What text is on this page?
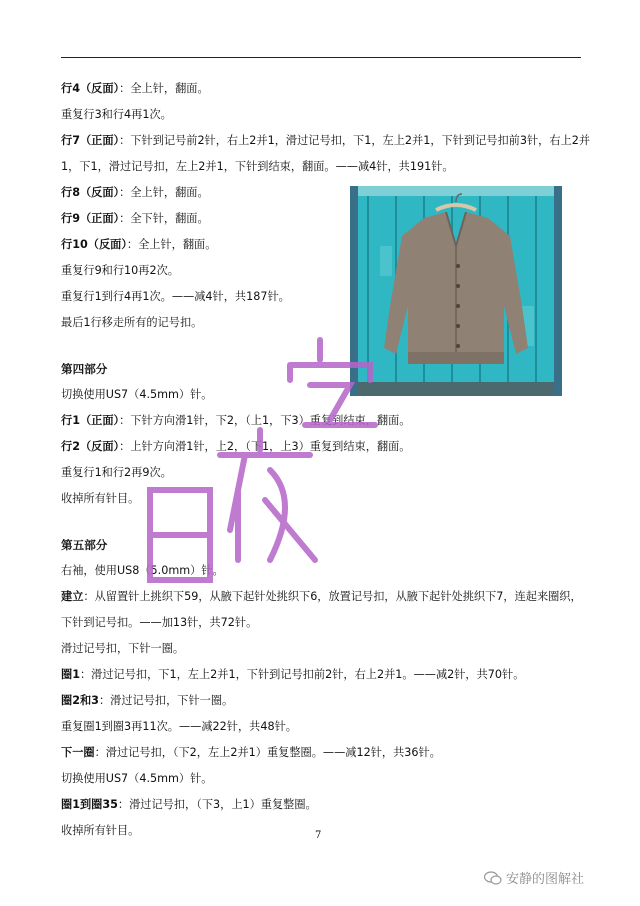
行4（反面）：全上针，翻面。
重复行3和行4再1次。
行7（正面）：下针到记号前2针，右上2并1，滑过记号扣，下1，左上2并1，下针到记号扣前3针，右上2并
1，下1，滑过记号扣，左上2并1，下针到结束，翻面。——减4针，共191针。
行8（反面）：全上针，翻面。
行9（正面）：全下针，翻面。
行10（反面）：全上针，翻面。
重复行9和行10再2次。
重复行1到行4再1次。——减4针，共187针。
最后1行移走所有的记号扣。
第四部分
切换使用US7（4.5mm）针。
行1（正面）：下针方向滑1针，下2，（上1，下3）重复到结束，翻面。
行2（反面）：上针方向滑1针，上2，（下1，上3）重复到结束，翻面。
重复行1和行2再9次。
收掉所有针目。
第五部分
右袖，使用US8（5.0mm）针。
建立：从留置针上挑织下59，从腋下起针处挑织下6，放置记号扣，从腋下起针处挑织下7，连起来圈织，
下针到记号扣。——加13针，共72针。
滑过记号扣，下针一圈。
圈1：滑过记号扣，下1，左上2并1，下针到记号扣前2针，右上2并1。——减2针，共70针。
圈2和3：滑过记号扣，下针一圈。
重复圈1到圈3再11次。——减22针，共48针。
下一圈：滑过记号扣，（下2，左上2并1）重复整圈。——减12针，共36针。
切换使用US7（4.5mm）针。
圈1到圈35：滑过记号扣，（下3，上1）重复整圈。
收掉所有针目。	7
安静的图解社
